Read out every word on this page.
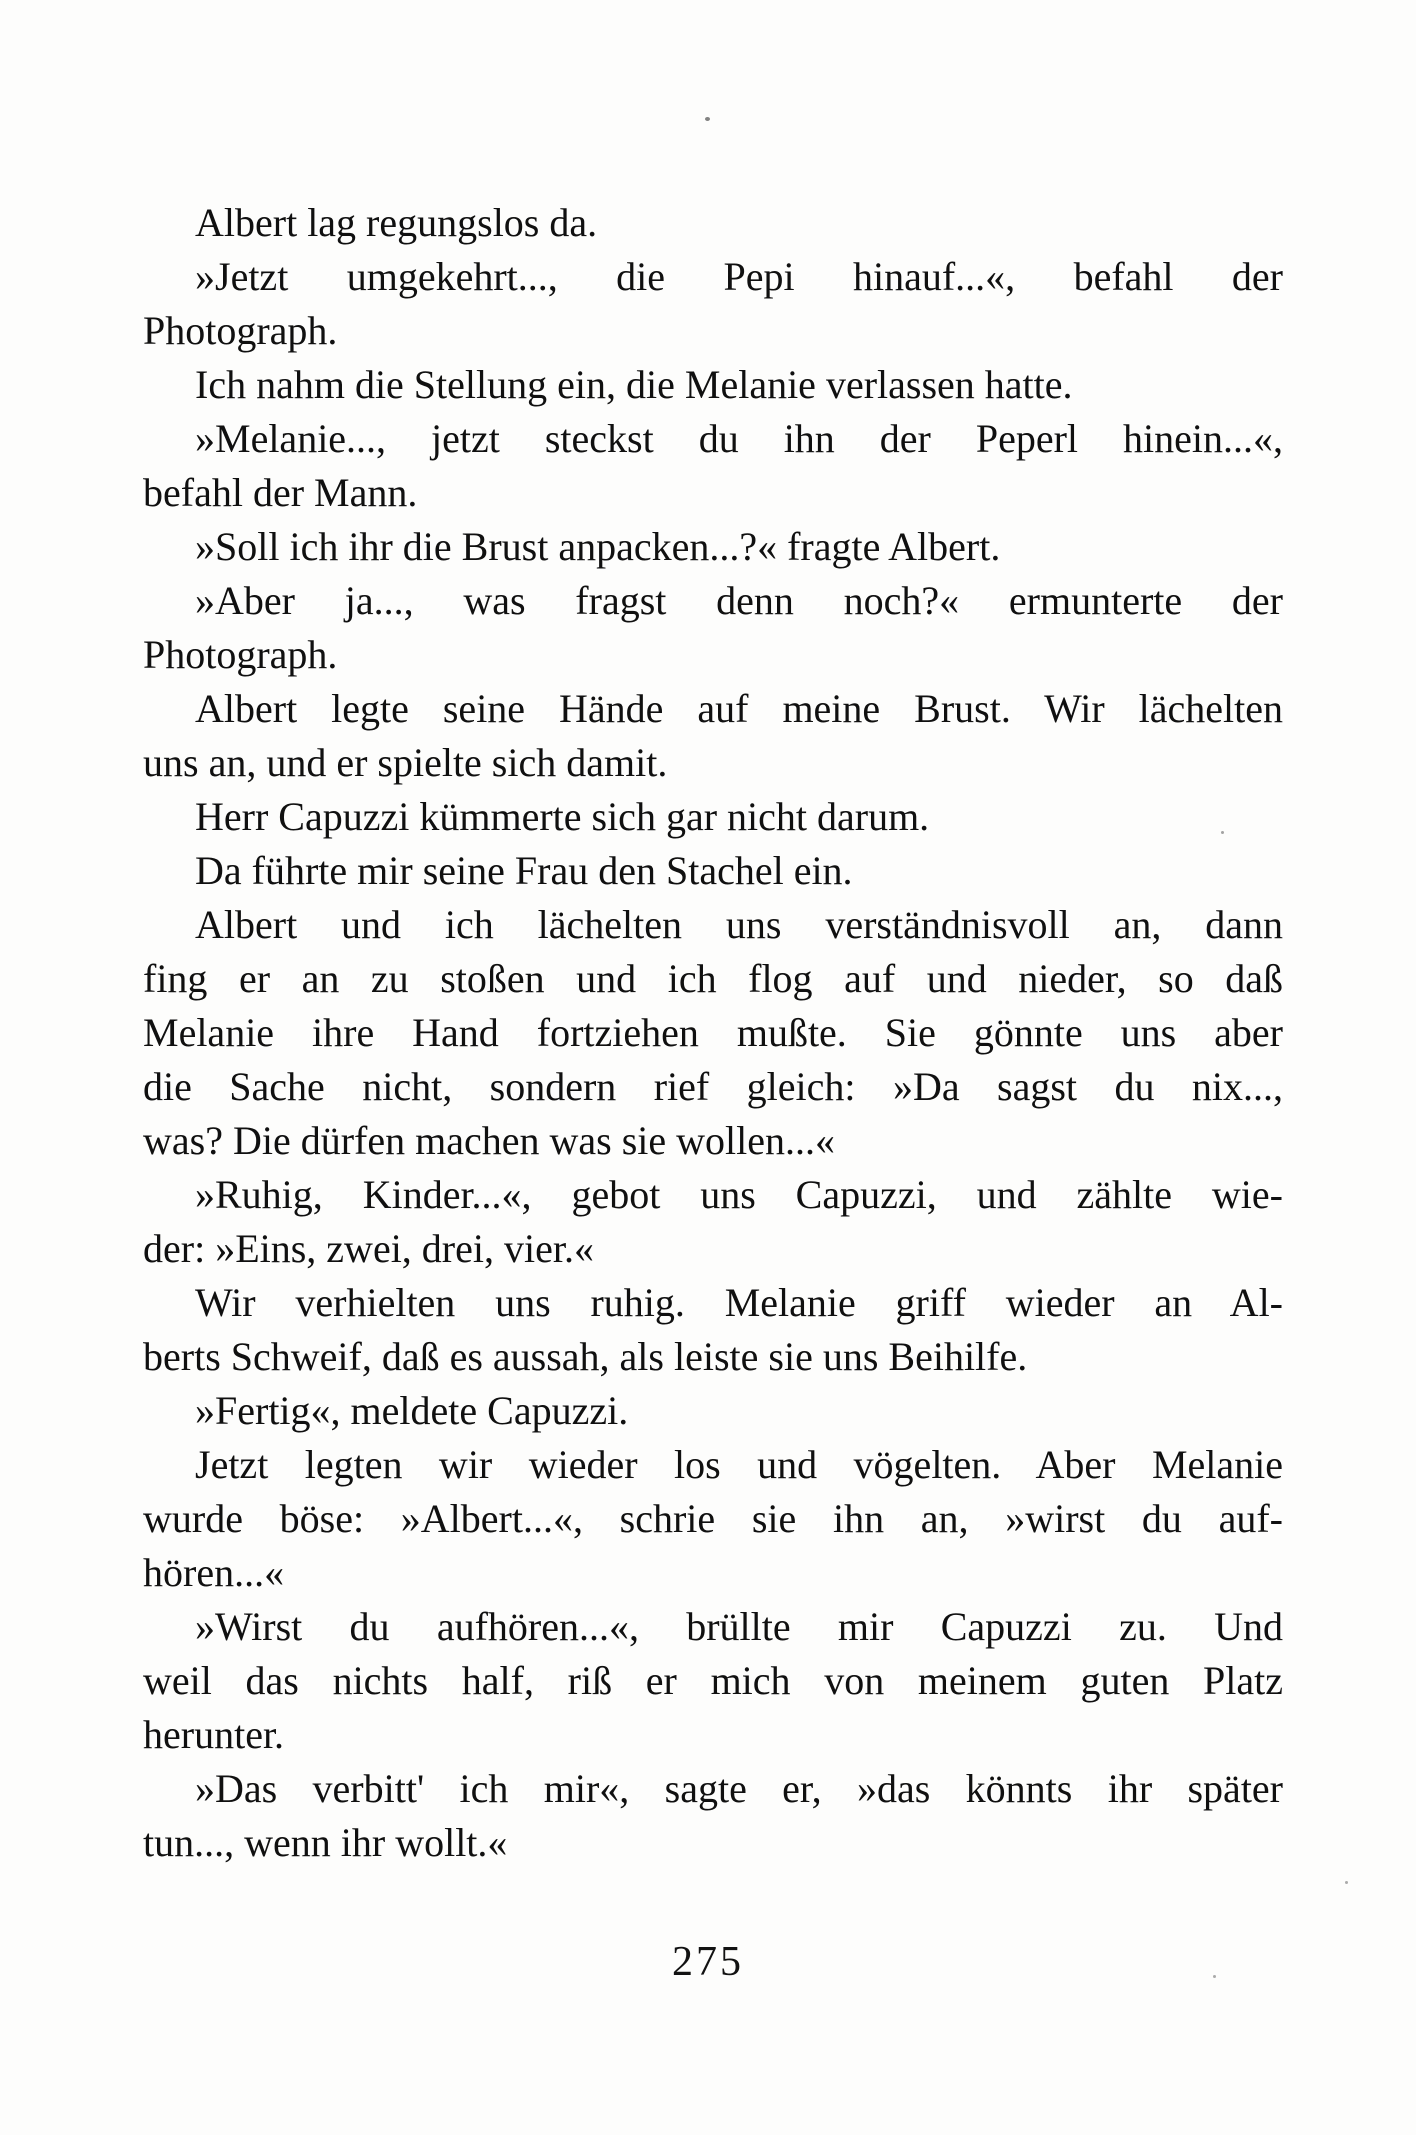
Albert lag regungslos da.
»Jetzt umgekehrt..., die Pepi hinauf...«, befahl der
Photograph.
Ich nahm die Stellung ein, die Melanie verlassen hatte.
»Melanie..., jetzt steckst du ihn der Peperl hinein...«,
befahl der Mann.
»Soll ich ihr die Brust anpacken...?« fragte Albert.
»Aber ja..., was fragst denn noch?« ermunterte der
Photograph.
Albert legte seine Hände auf meine Brust. Wir lächelten
uns an, und er spielte sich damit.
Herr Capuzzi kümmerte sich gar nicht darum.
Da führte mir seine Frau den Stachel ein.
Albert und ich lächelten uns verständnisvoll an, dann
fing er an zu stoßen und ich flog auf und nieder, so daß
Melanie ihre Hand fortziehen mußte. Sie gönnte uns aber
die Sache nicht, sondern rief gleich: »Da sagst du nix...,
was? Die dürfen machen was sie wollen...«
»Ruhig, Kinder...«, gebot uns Capuzzi, und zählte wie-
der: »Eins, zwei, drei, vier.«
Wir verhielten uns ruhig. Melanie griff wieder an Al-
berts Schweif, daß es aussah, als leiste sie uns Beihilfe.
»Fertig«, meldete Capuzzi.
Jetzt legten wir wieder los und vögelten. Aber Melanie
wurde böse: »Albert...«, schrie sie ihn an, »wirst du auf-
hören...«
»Wirst du aufhören...«, brüllte mir Capuzzi zu. Und
weil das nichts half, riß er mich von meinem guten Platz
herunter.
»Das verbitt' ich mir«, sagte er, »das könnts ihr später
tun..., wenn ihr wollt.«
275
